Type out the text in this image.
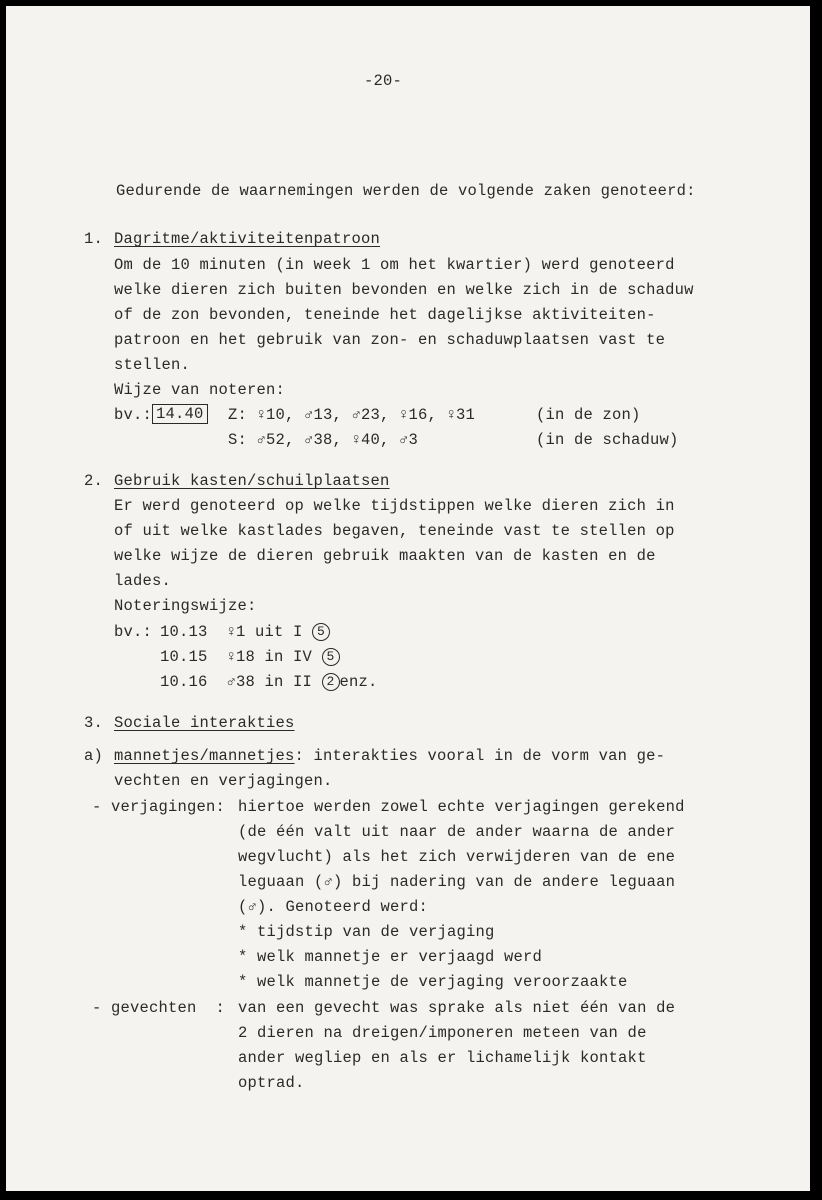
-20-
Gedurende de waarnemingen werden de volgende zaken genoteerd:
1. Dagritme/aktiviteitenpatroon
Om de 10 minuten (in week 1 om het kwartier) werd genoteerd
welke dieren zich buiten bevonden en welke zich in de schaduw
of de zon bevonden, teneinde het dagelijkse aktiviteiten-
patroon en het gebruik van zon- en schaduwplaatsen vast te
stellen.
Wijze van noteren:
bv.: 14.40 Z: ♀10, ♂13, ♂23, ♀16, ♀31	(in de zon)
S: ♂52, ♂38, ♀40, ♂3	(in de schaduw)
2. Gebruik kasten/schuilplaatsen
Er werd genoteerd op welke tijdstippen welke dieren zich in
of uit welke kastlades begaven, teneinde vast te stellen op
welke wijze de dieren gebruik maakten van de kasten en de
lades.
Noteringswijze:
bv.: 10.13  ♀1 uit I 5
10.15  ♀18 in IV 5
10.16  ♂38 in II 2 enz.
3. Sociale interakties
a) mannetjes/mannetjes: interakties vooral in de vorm van ge-
vechten en verjagingen.
- verjagingen: hiertoe werden zowel echte verjagingen gerekend
(de één valt uit naar de ander waarna de ander
wegvlucht) als het zich verwijderen van de ene
leguaan (♂) bij nadering van de andere leguaan
(♂). Genoteerd werd:
* tijdstip van de verjaging
* welk mannetje er verjaagd werd
* welk mannetje de verjaging veroorzaakte
- gevechten  : van een gevecht was sprake als niet één van de
2 dieren na dreigen/imponeren meteen van de
ander wegliep en als er lichamelijk kontakt
optrad.
